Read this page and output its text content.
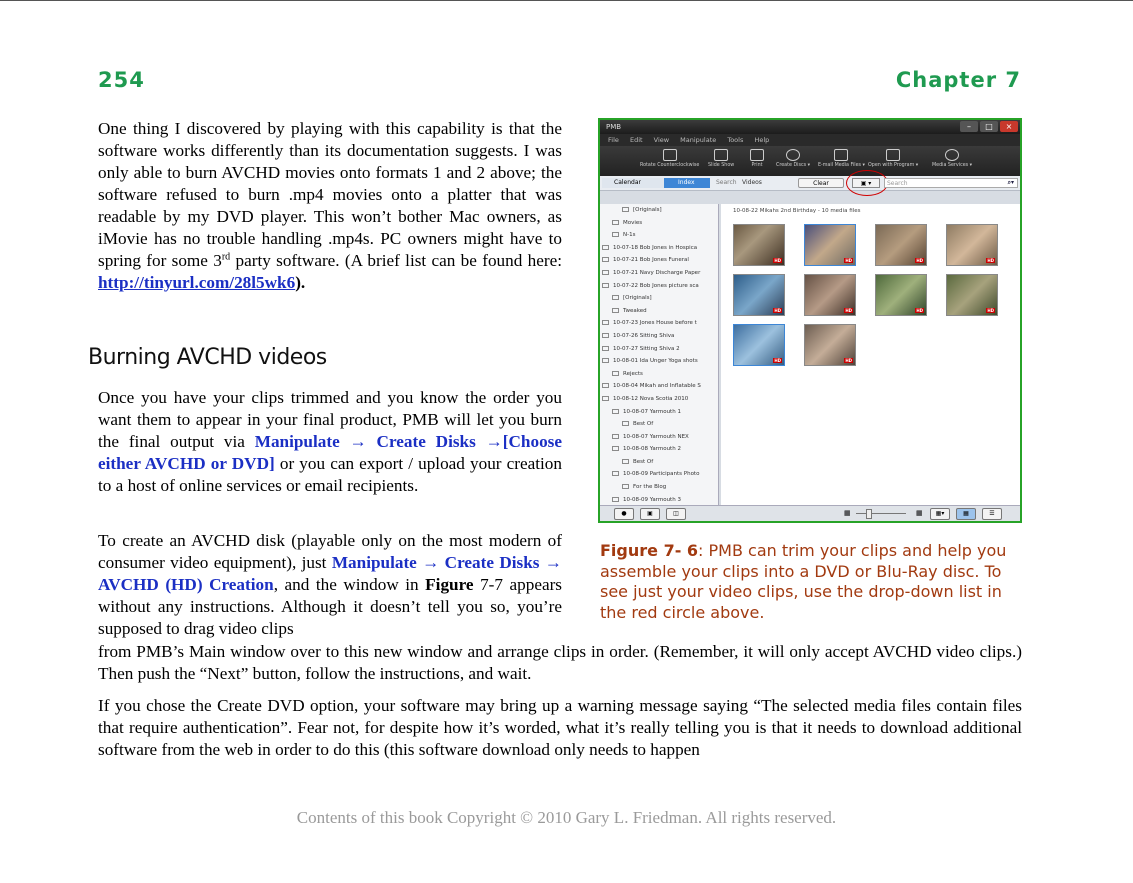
254	Chapter 7
One thing I discovered by playing with this capability is that the software works differently than its documentation suggests. I was only able to burn AVCHD movies onto formats 1 and 2 above; the software refused to burn .mp4 movies onto a platter that was readable by my DVD player. This won’t bother Mac owners, as iMovie has no trouble handling .mp4s. PC owners might have to spring for some 3rd party software. (A brief list can be found here: http://tinyurl.com/28l5wk6).
Burning AVCHD videos
Once you have your clips trimmed and you know the order you want them to appear in your final product, PMB will let you burn the final output via Manipulate → Create Disks →[Choose either AVCHD or DVD] or you can export / upload your creation to a host of online services or email recipients.
To create an AVCHD disk (playable only on the most modern of consumer video equipment), just Manipulate → Create Disks → AVCHD (HD) Creation, and the window in Figure 7-7 appears without any instructions. Although it doesn’t tell you so, you’re supposed to drag video clips
from PMB’s Main window over to this new window and arrange clips in order. (Remember, it will only accept AVCHD video clips.) Then push the “Next” button, follow the instructions, and wait.
If you chose the Create DVD option, your software may bring up a warning message saying “The selected media files contain files that require authentication”. Fear not, for despite how it’s worded, what it’s really telling you is that it needs to download additional software from the web in order to do this (this software download only needs to happen
PMB	–	□	×
File Edit View Manipulate Tools Help
Rotate Counterclockwise Slide Show	Print	Create Discs ▾ E-mail Media Files ▾ Open with Program ▾	Media Services ▾
Calendar	Index	Search Videos	Clear	▣ ▾	Search	⌕▾
[Originals]
Movies
N-1s
10-07-18 Bob Jones in Hospica
10-07-21 Bob Jones Funeral
10-07-21 Navy Discharge Paper
10-07-22 Bob Jones picture sca
[Originals]
Tweaked
10-07-23 Jones House before t
10-07-26 Sitting Shiva
10-07-27 Sitting Shiva 2
10-08-01 Ida Unger Yoga shots
Rejects
10-08-04 Mikah and Inflatable S
10-08-12 Nova Scotia 2010
10-08-07 Yarmouth 1
Best Of
10-08-07 Yarmouth NEX
10-08-08 Yarmouth 2
Best Of
10-08-09 Participants Photo
For the Blog
10-08-09 Yarmouth 3
10-08-22 Mikahs 2nd Birthday - 10 media files
HD	HD	HD	HD
HD	HD	HD	HD
HD	HD
●	▣	◫	▦	▦	▦▾	▦	☰
Figure 7- 6: PMB can trim your clips and help you assemble your clips into a DVD or Blu-Ray disc. To see just your video clips, use the drop-down list in the red circle above.
Contents of this book Copyright © 2010 Gary L. Friedman. All rights reserved.
